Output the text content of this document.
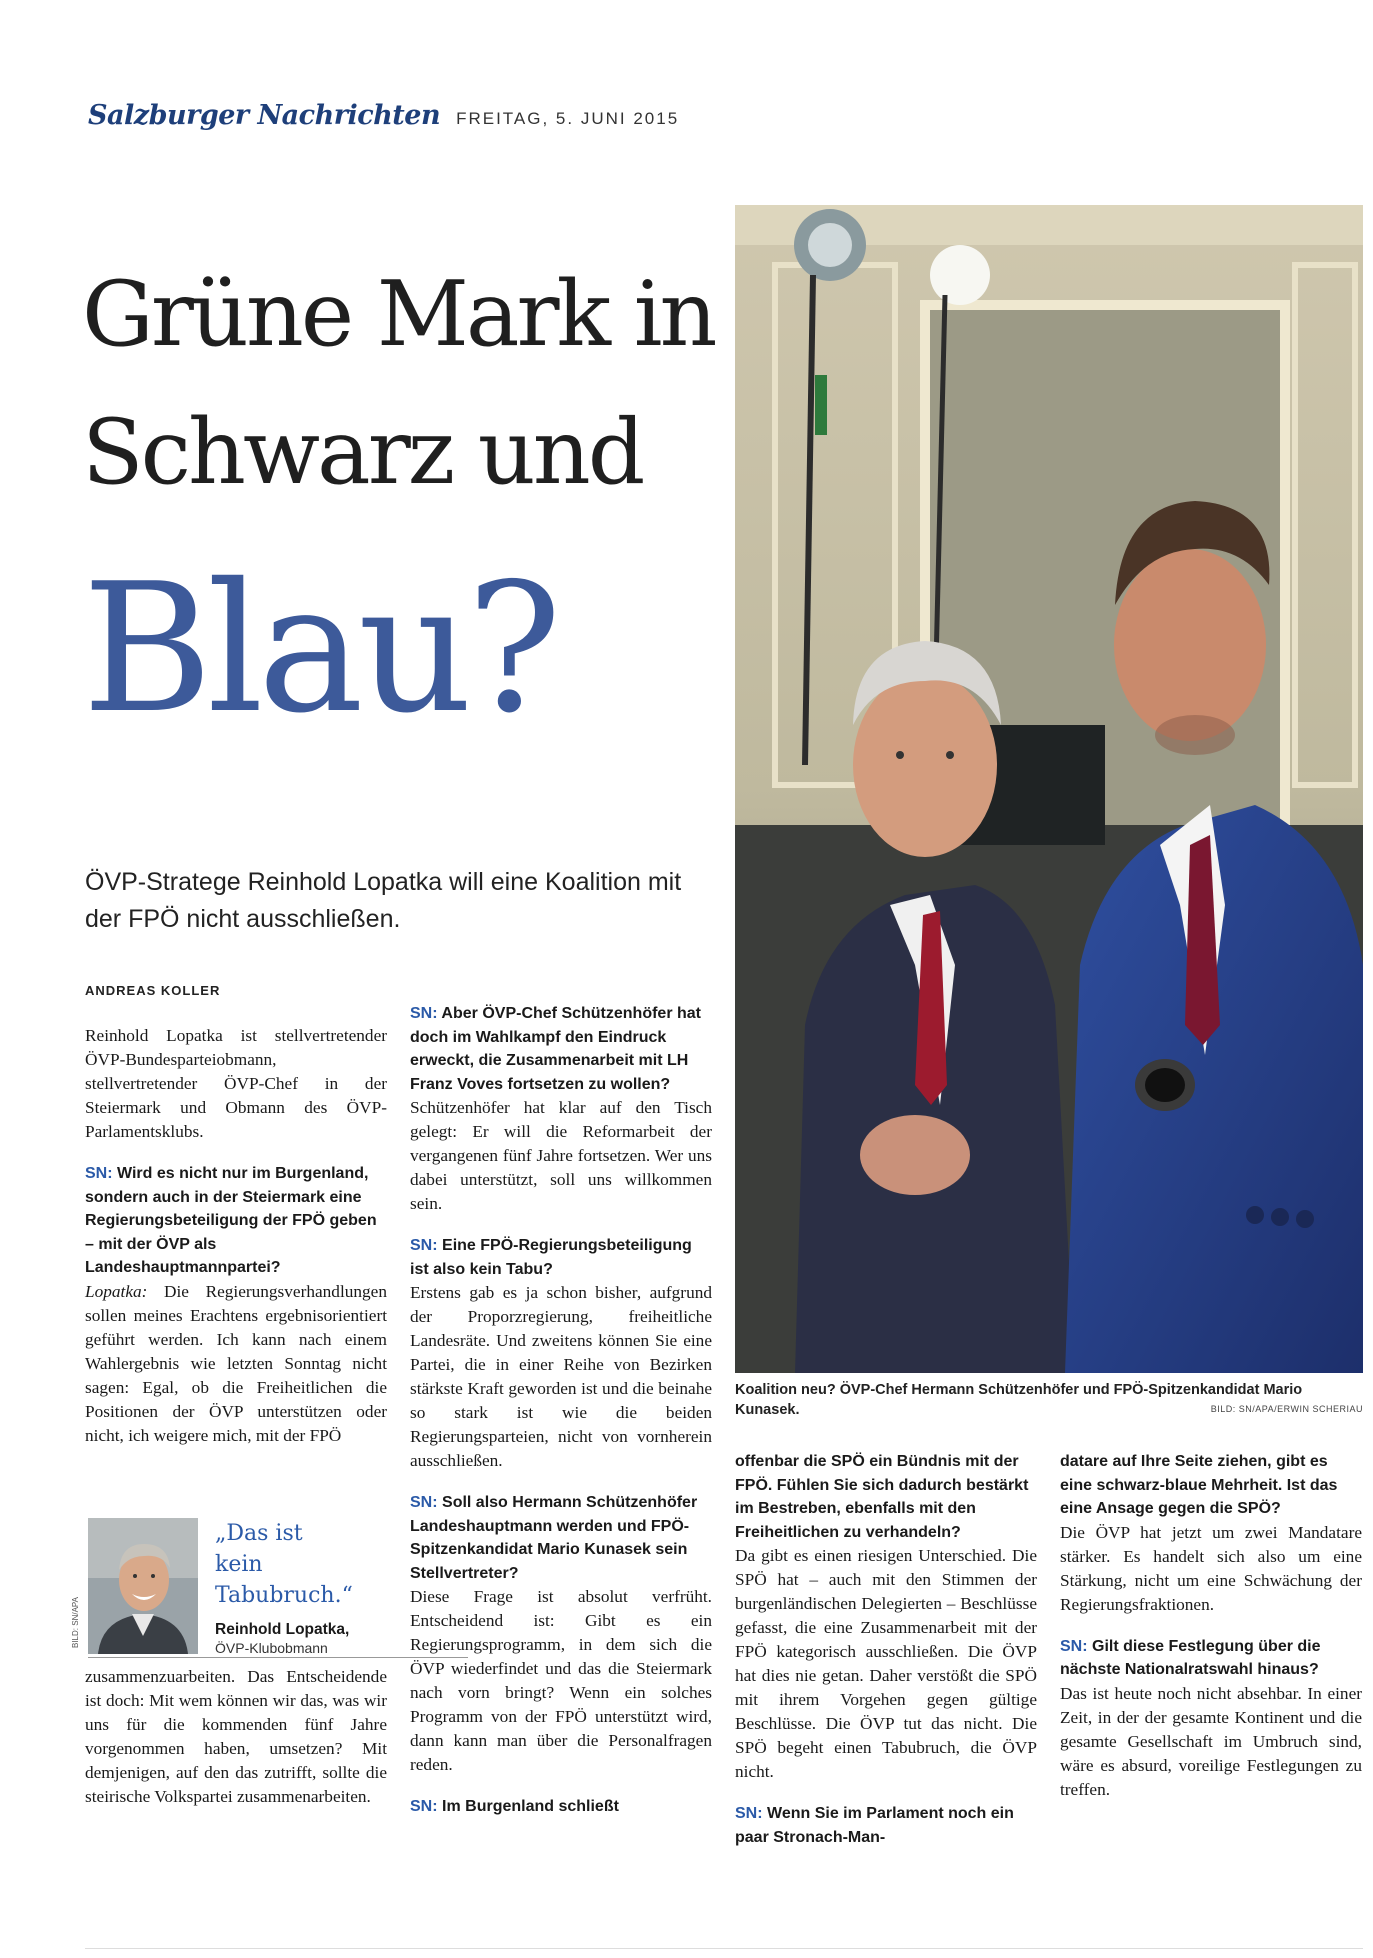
Salzburger Nachrichten FREITAG, 5. JUNI 2015
Grüne Mark in
Schwarz und
Blau?
ÖVP-Stratege Reinhold Lopatka will eine Koalition mit der FPÖ nicht ausschließen.
ANDREAS KOLLER

Reinhold Lopatka ist stellvertretender ÖVP-Bundesparteiobmann, stellvertretender ÖVP-Chef in der Steiermark und Obmann des ÖVP-Parlamentsklubs.

SN: Wird es nicht nur im Burgenland, sondern auch in der Steiermark eine Regierungsbeteiligung der FPÖ geben – mit der ÖVP als Landeshauptmannpartei?

Lopatka: Die Regierungsverhandlungen sollen meines Erachtens ergebnisorientiert geführt werden. Ich kann nach einem Wahlergebnis wie letzten Sonntag nicht sagen: Egal, ob die Freiheitlichen die Positionen der ÖVP unterstützen oder nicht, ich weigere mich, mit der FPÖ

BILD: SN/APA
„Das ist
kein
Tabubruch.“
Reinhold Lopatka,
ÖVP-Klubobmann

zusammenzuarbeiten. Das Entscheidende ist doch: Mit wem können wir das, was wir uns für die kommenden fünf Jahre vorgenommen haben, umsetzen? Mit demjenigen, auf den das zutrifft, sollte die steirische Volkspartei zusammenarbeiten.

SN: Aber ÖVP-Chef Schützenhöfer hat doch im Wahlkampf den Eindruck erweckt, die Zusammenarbeit mit LH Franz Voves fortsetzen zu wollen?

Schützenhöfer hat klar auf den Tisch gelegt: Er will die Reformarbeit der vergangenen fünf Jahre fortsetzen. Wer uns dabei unterstützt, soll uns willkommen sein.

SN: Eine FPÖ-Regierungsbeteiligung ist also kein Tabu?

Erstens gab es ja schon bisher, aufgrund der Proporzregierung, freiheitliche Landesräte. Und zweitens können Sie eine Partei, die in einer Reihe von Bezirken stärkste Kraft geworden ist und die beinahe so stark ist wie die beiden Regierungsparteien, nicht von vornherein ausschließen.

SN: Soll also Hermann Schützenhöfer Landeshauptmann werden und FPÖ-Spitzenkandidat Mario Kunasek sein Stellvertreter?

Diese Frage ist absolut verfrüht. Entscheidend ist: Gibt es ein Regierungsprogramm, in dem sich die ÖVP wiederfindet und das die Steiermark nach vorn bringt? Wenn ein solches Programm von der FPÖ unterstützt wird, dann kann man über die Personalfragen reden.

SN: Im Burgenland schließt

Koalition neu? ÖVP-Chef Hermann Schützenhöfer und FPÖ-Spitzenkandidat Mario Kunasek.	BILD: SN/APA/ERWIN SCHERIAU

offenbar die SPÖ ein Bündnis mit der FPÖ. Fühlen Sie sich dadurch bestärkt im Bestreben, ebenfalls mit den Freiheitlichen zu verhandeln?

Da gibt es einen riesigen Unterschied. Die SPÖ hat – auch mit den Stimmen der burgenländischen Delegierten – Beschlüsse gefasst, die eine Zusammenarbeit mit der FPÖ kategorisch ausschließen. Die ÖVP hat dies nie getan. Daher verstößt die SPÖ mit ihrem Vorgehen gegen gültige Beschlüsse. Die ÖVP tut das nicht. Die SPÖ begeht einen Tabubruch, die ÖVP nicht.

SN: Wenn Sie im Parlament noch ein paar Stronach-Man-

datare auf Ihre Seite ziehen, gibt es eine schwarz-blaue Mehrheit. Ist das eine Ansage gegen die SPÖ?

Die ÖVP hat jetzt um zwei Mandatare stärker. Es handelt sich also um eine Stärkung, nicht um eine Schwächung der Regierungsfraktionen.

SN: Gilt diese Festlegung über die nächste Nationalratswahl hinaus?

Das ist heute noch nicht absehbar. In einer Zeit, in der der gesamte Kontinent und die gesamte Gesellschaft im Umbruch sind, wäre es absurd, voreilige Festlegungen zu treffen.
